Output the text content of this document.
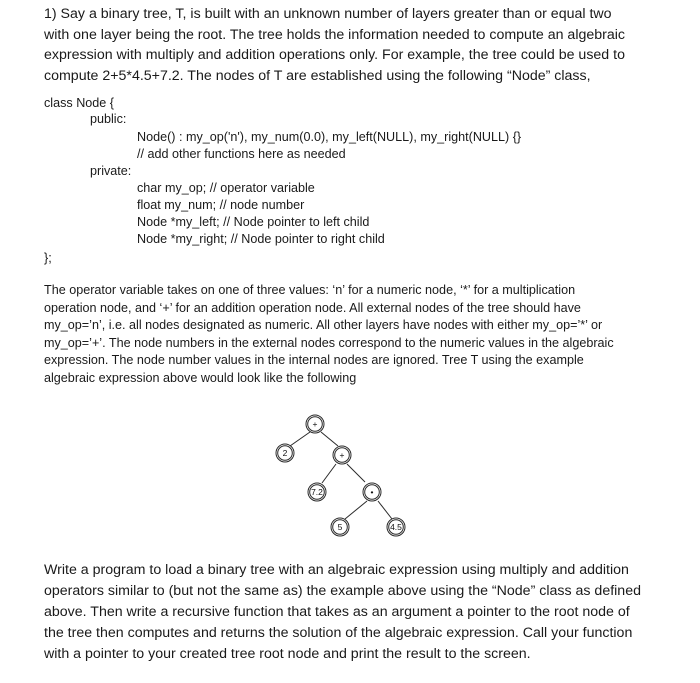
1) Say a binary tree, T, is built with an unknown number of layers greater than or equal two

with one layer being the root. The tree holds the information needed to compute an algebraic

expression with multiply and addition operations only. For example, the tree could be used to

compute 2+5*4.5+7.2. The nodes of T are established using the following “Node” class,

class Node {

public:

Node() : my_op('n'), my_num(0.0), my_left(NULL), my_right(NULL) {}

// add other functions here as needed

private:

char my_op; // operator variable

float my_num; // node number

Node *my_left; // Node pointer to left child

Node *my_right; // Node pointer to right child

};

The operator variable takes on one of three values: ‘n’ for a numeric node, ‘*’ for a multiplication

operation node, and ‘+’ for an addition operation node. All external nodes of the tree should have

my_op=’n’, i.e. all nodes designated as numeric. All other layers have nodes with either my_op=’*’ or

my_op=’+’. The node numbers in the external nodes correspond to the numeric values in the algebraic

expression. The node number values in the internal nodes are ignored. Tree T using the example

algebraic expression above would look like the following

+
2	+
7.2	•
5	4.5

Write a program to load a binary tree with an algebraic expression using multiply and addition

operators similar to (but not the same as) the example above using the “Node” class as defined

above. Then write a recursive function that takes as an argument a pointer to the root node of

the tree then computes and returns the solution of the algebraic expression. Call your function

with a pointer to your created tree root node and print the result to the screen.
